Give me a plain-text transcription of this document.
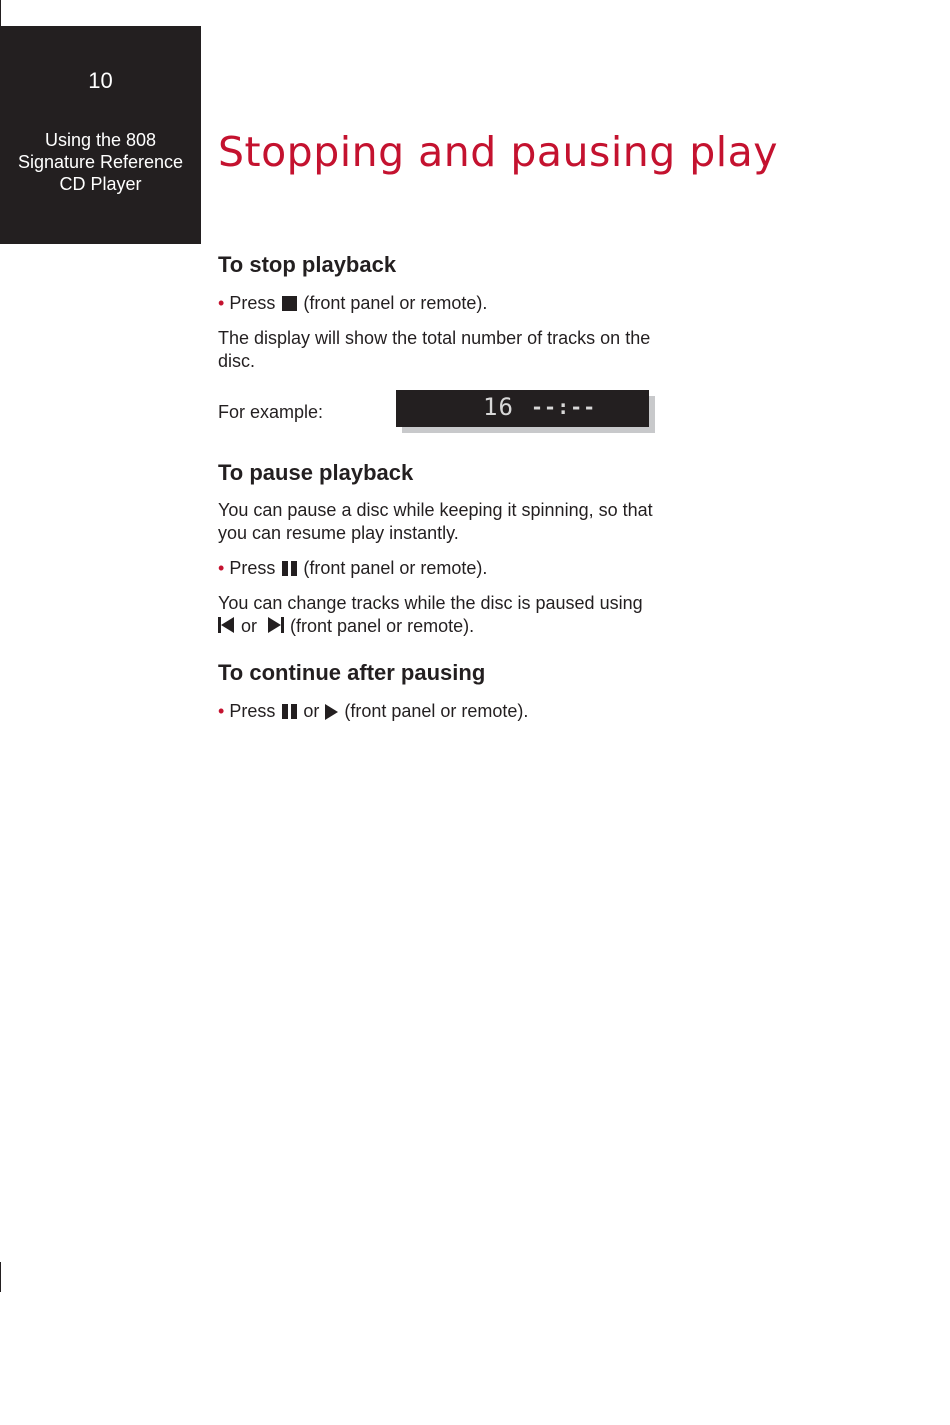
10
Using the 808
Signature Reference
CD Player
Stopping and pausing play
To stop playback

• Press (front panel or remote).

The display will show the total number of tracks on the disc.

For example:	16 --:--
To pause playback

You can pause a disc while keeping it spinning, so that you can resume play instantly.

• Press (front panel or remote).

You can change tracks while the disc is paused using
or (front panel or remote).

To continue after pausing

• Press or (front panel or remote).
